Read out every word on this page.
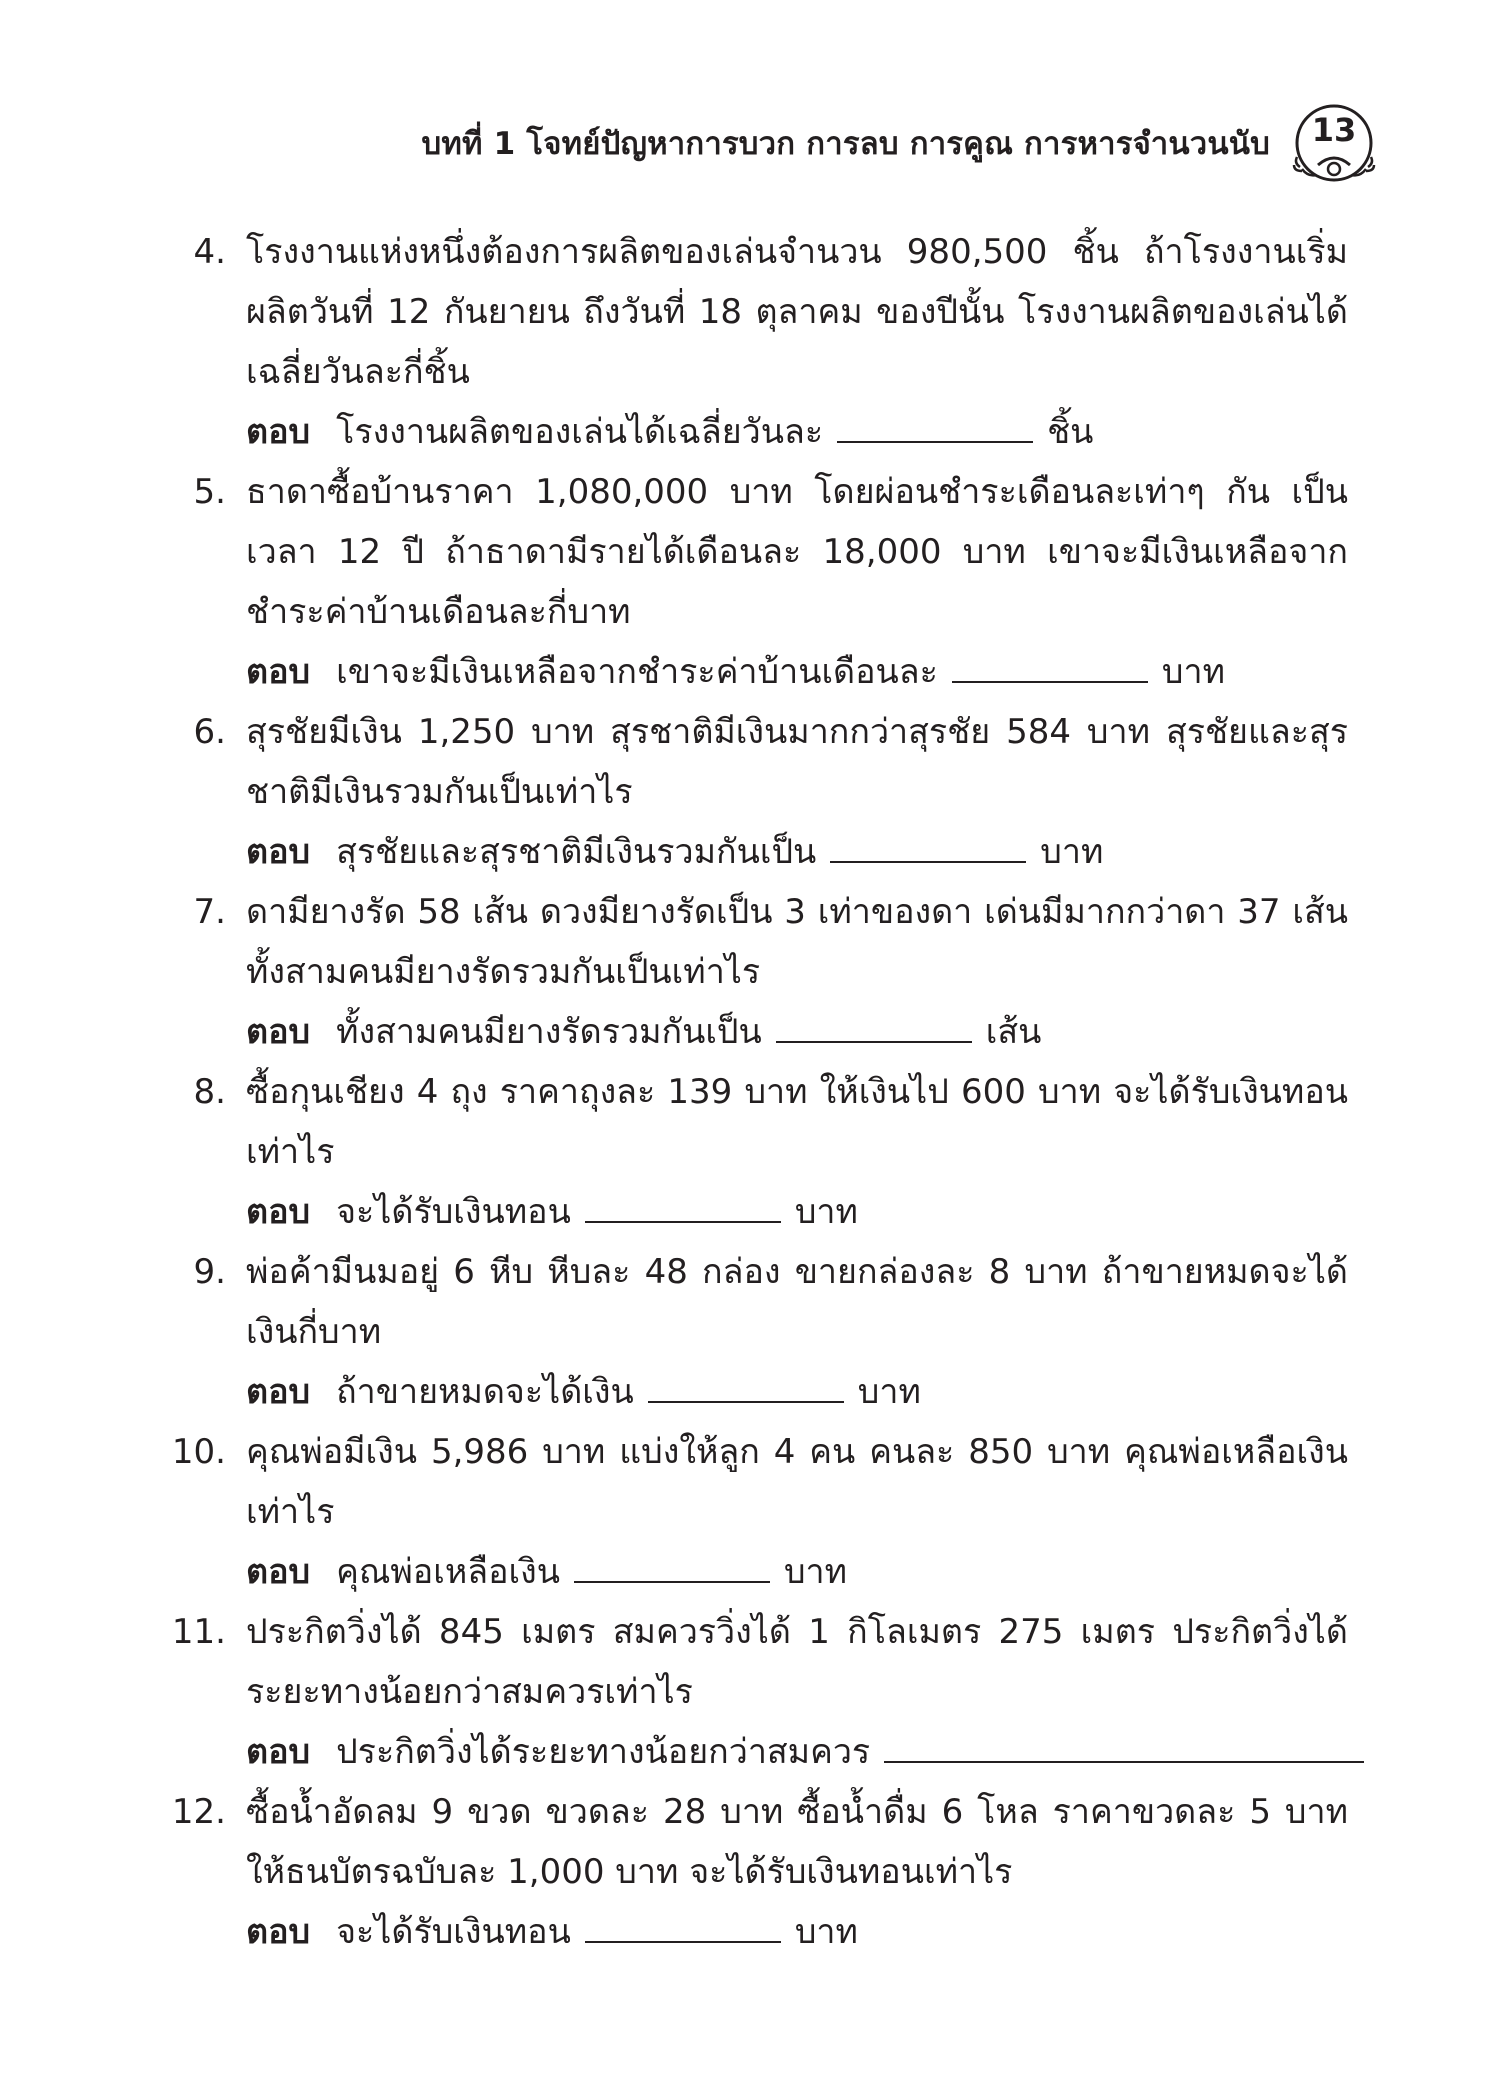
บทที่ 1 โจทย์ปัญหาการบวก การลบ การคูณ การหารจำนวนนับ	13
4. โรงงานแห่งหนึ่งต้องการผลิตของเล่นจำนวน 980,500 ชิ้น ถ้าโรงงานเริ่มผลิตวันที่ 12 กันยายน ถึงวันที่ 18 ตุลาคม ของปีนั้น โรงงานผลิตของเล่นได้เฉลี่ยวันละกี่ชิ้น
ตอบ โรงงานผลิตของเล่นได้เฉลี่ยวันละ	ชิ้น
5. ธาดาซื้อบ้านราคา 1,080,000 บาท โดยผ่อนชำระเดือนละเท่าๆ กัน เป็นเวลา 12 ปี ถ้าธาดามีรายได้เดือนละ 18,000 บาท เขาจะมีเงินเหลือจากชำระค่าบ้านเดือนละกี่บาท
ตอบ เขาจะมีเงินเหลือจากชำระค่าบ้านเดือนละ	บาท
6. สุรชัยมีเงิน 1,250 บาท สุรชาติมีเงินมากกว่าสุรชัย 584 บาท สุรชัยและสุรชาติมีเงินรวมกันเป็นเท่าไร
ตอบ สุรชัยและสุรชาติมีเงินรวมกันเป็น	บาท
7. ดามียางรัด 58 เส้น ดวงมียางรัดเป็น 3 เท่าของดา เด่นมีมากกว่าดา 37 เส้น ทั้งสามคนมียางรัดรวมกันเป็นเท่าไร
ตอบ ทั้งสามคนมียางรัดรวมกันเป็น	เส้น
8. ซื้อกุนเชียง 4 ถุง ราคาถุงละ 139 บาท ให้เงินไป 600 บาท จะได้รับเงินทอนเท่าไร
ตอบ จะได้รับเงินทอน	บาท
9. พ่อค้ามีนมอยู่ 6 หีบ หีบละ 48 กล่อง ขายกล่องละ 8 บาท ถ้าขายหมดจะได้เงินกี่บาท
ตอบ ถ้าขายหมดจะได้เงิน	บาท
10. คุณพ่อมีเงิน 5,986 บาท แบ่งให้ลูก 4 คน คนละ 850 บาท คุณพ่อเหลือเงินเท่าไร
ตอบ คุณพ่อเหลือเงิน	บาท
11. ประกิตวิ่งได้ 845 เมตร สมควรวิ่งได้ 1 กิโลเมตร 275 เมตร ประกิตวิ่งได้ระยะทางน้อยกว่าสมควรเท่าไร
ตอบ ประกิตวิ่งได้ระยะทางน้อยกว่าสมควร
12. ซื้อน้ำอัดลม 9 ขวด ขวดละ 28 บาท ซื้อน้ำดื่ม 6 โหล ราคาขวดละ 5 บาท ให้ธนบัตรฉบับละ 1,000 บาท จะได้รับเงินทอนเท่าไร
ตอบ จะได้รับเงินทอน	บาท
